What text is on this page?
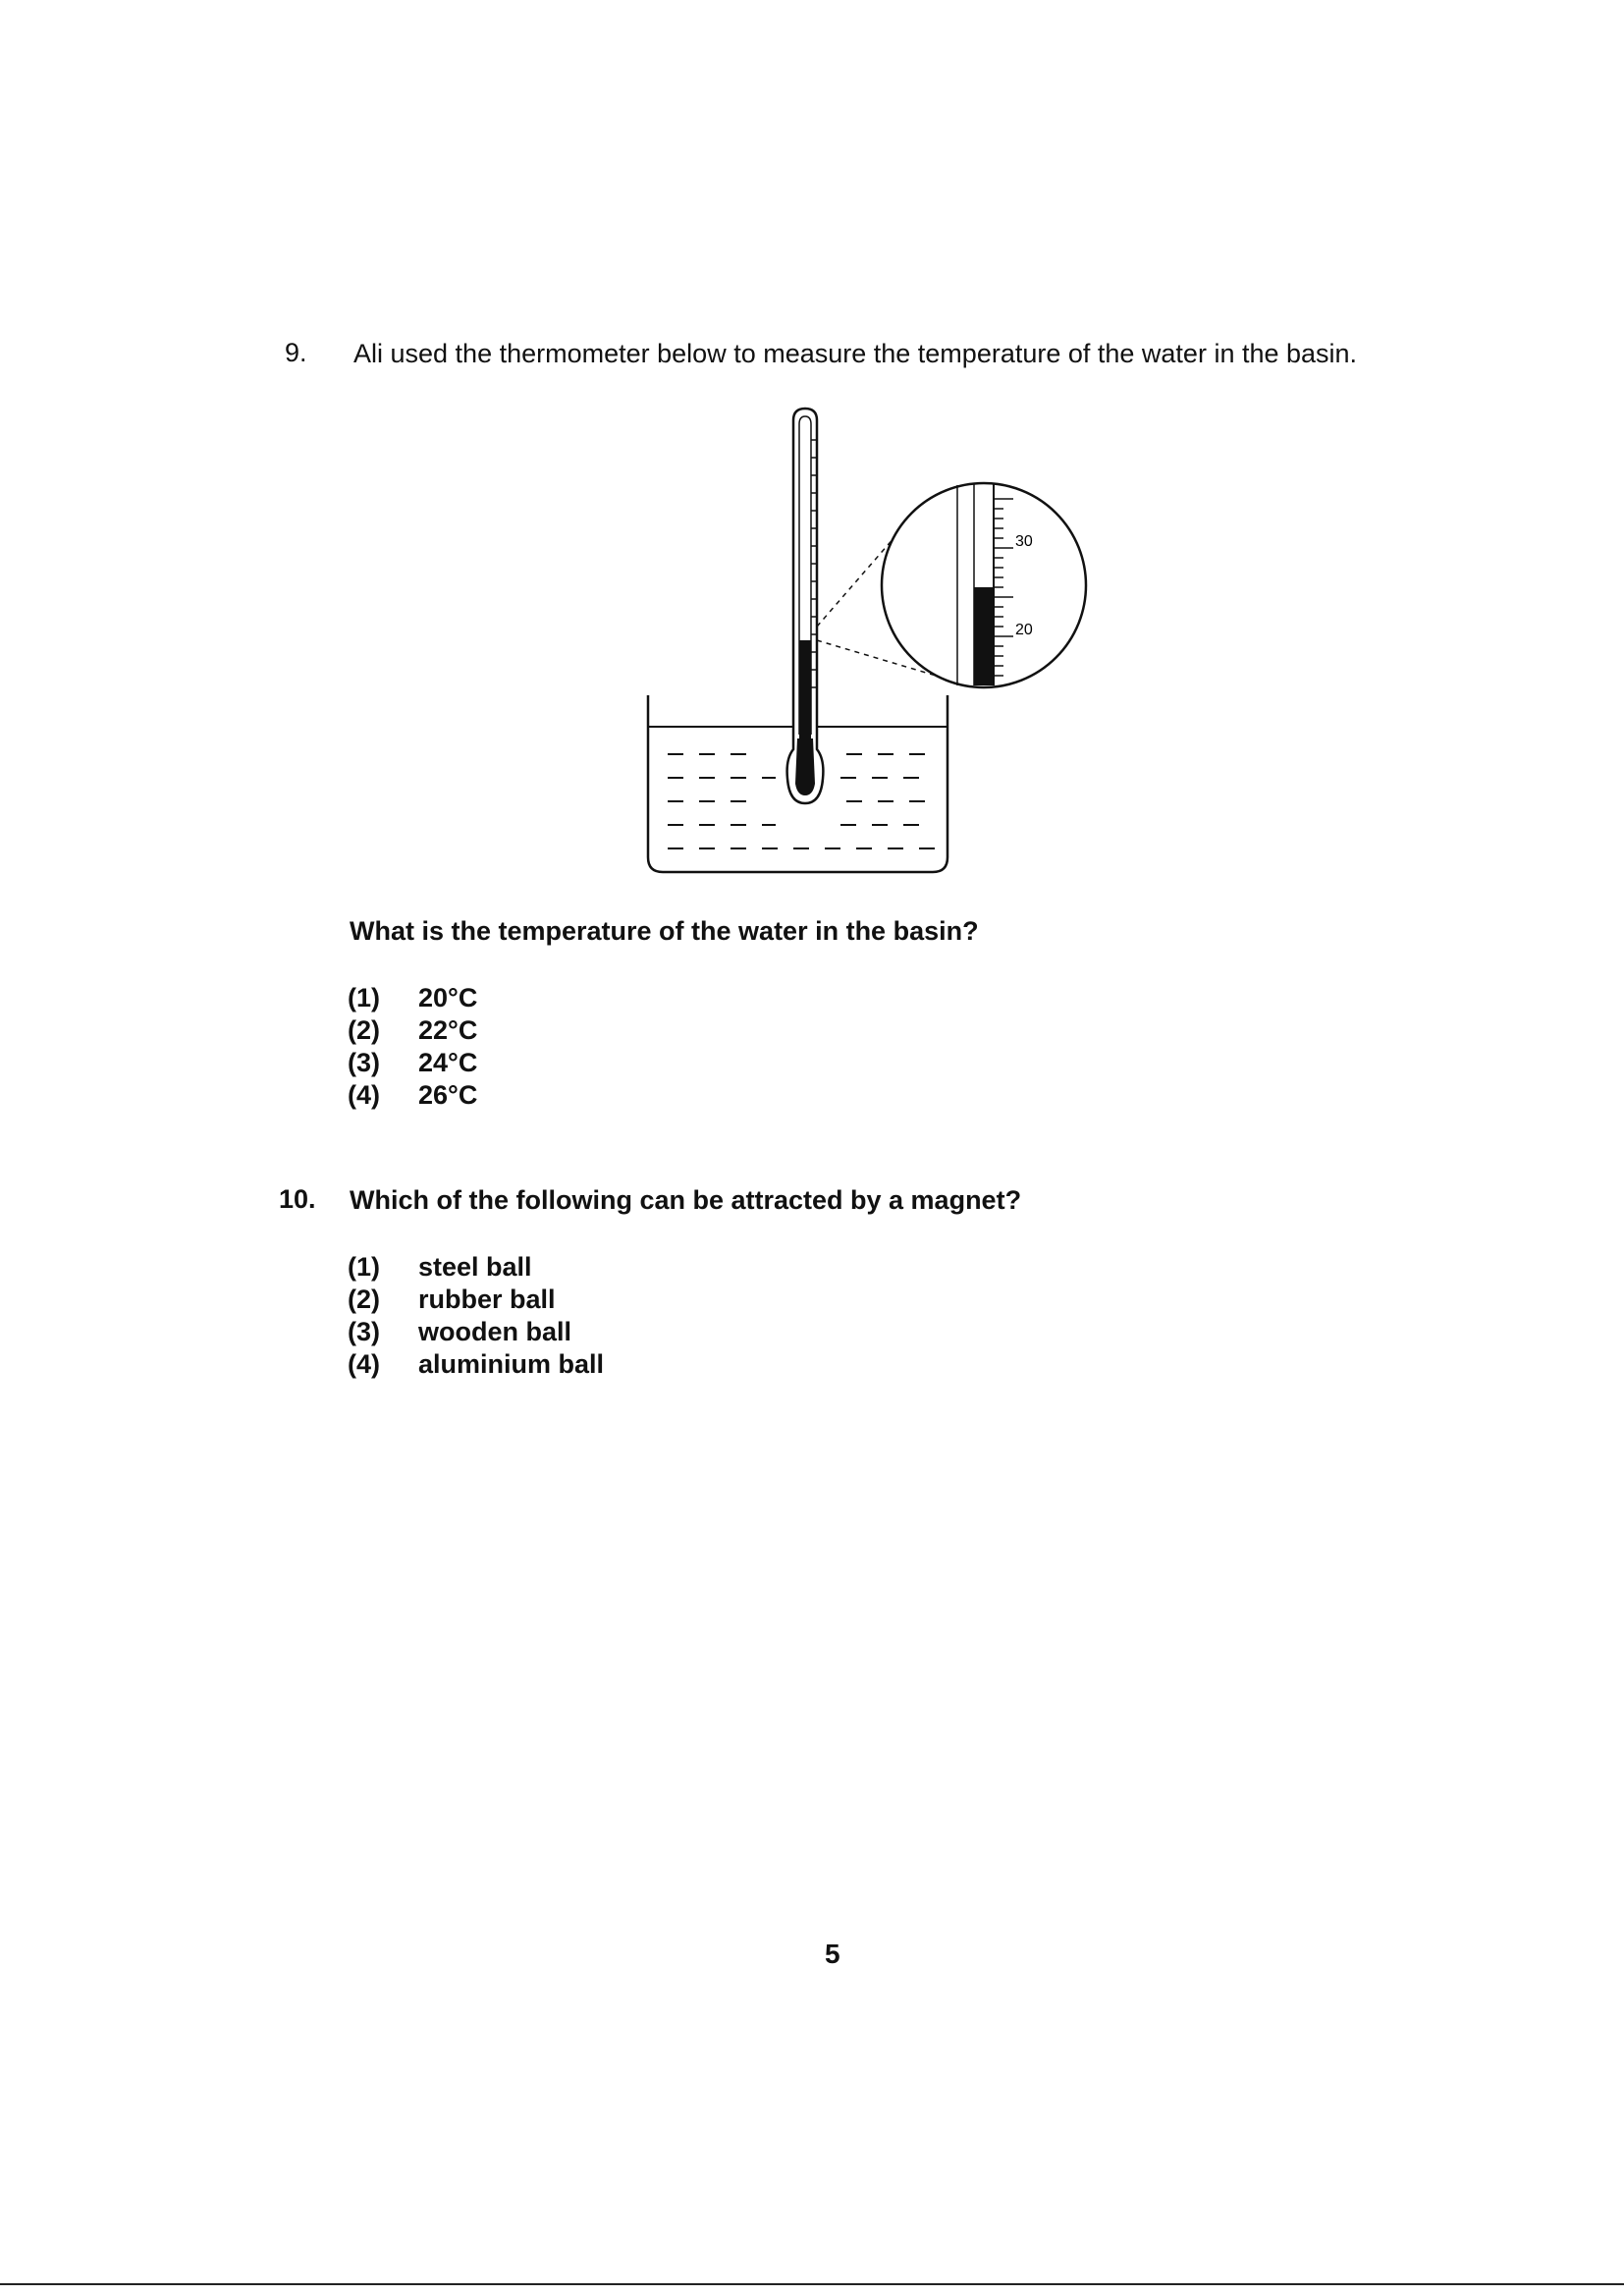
9. Ali used the thermometer below to measure the temperature of the water in the basin.
30
20
What is the temperature of the water in the basin?
(1)	20°C
(2)	22°C
(3)	24°C
(4)	26°C
10. Which of the following can be attracted by a magnet?
(1)	steel ball
(2)	rubber ball
(3)	wooden ball
(4)	aluminium ball
5
